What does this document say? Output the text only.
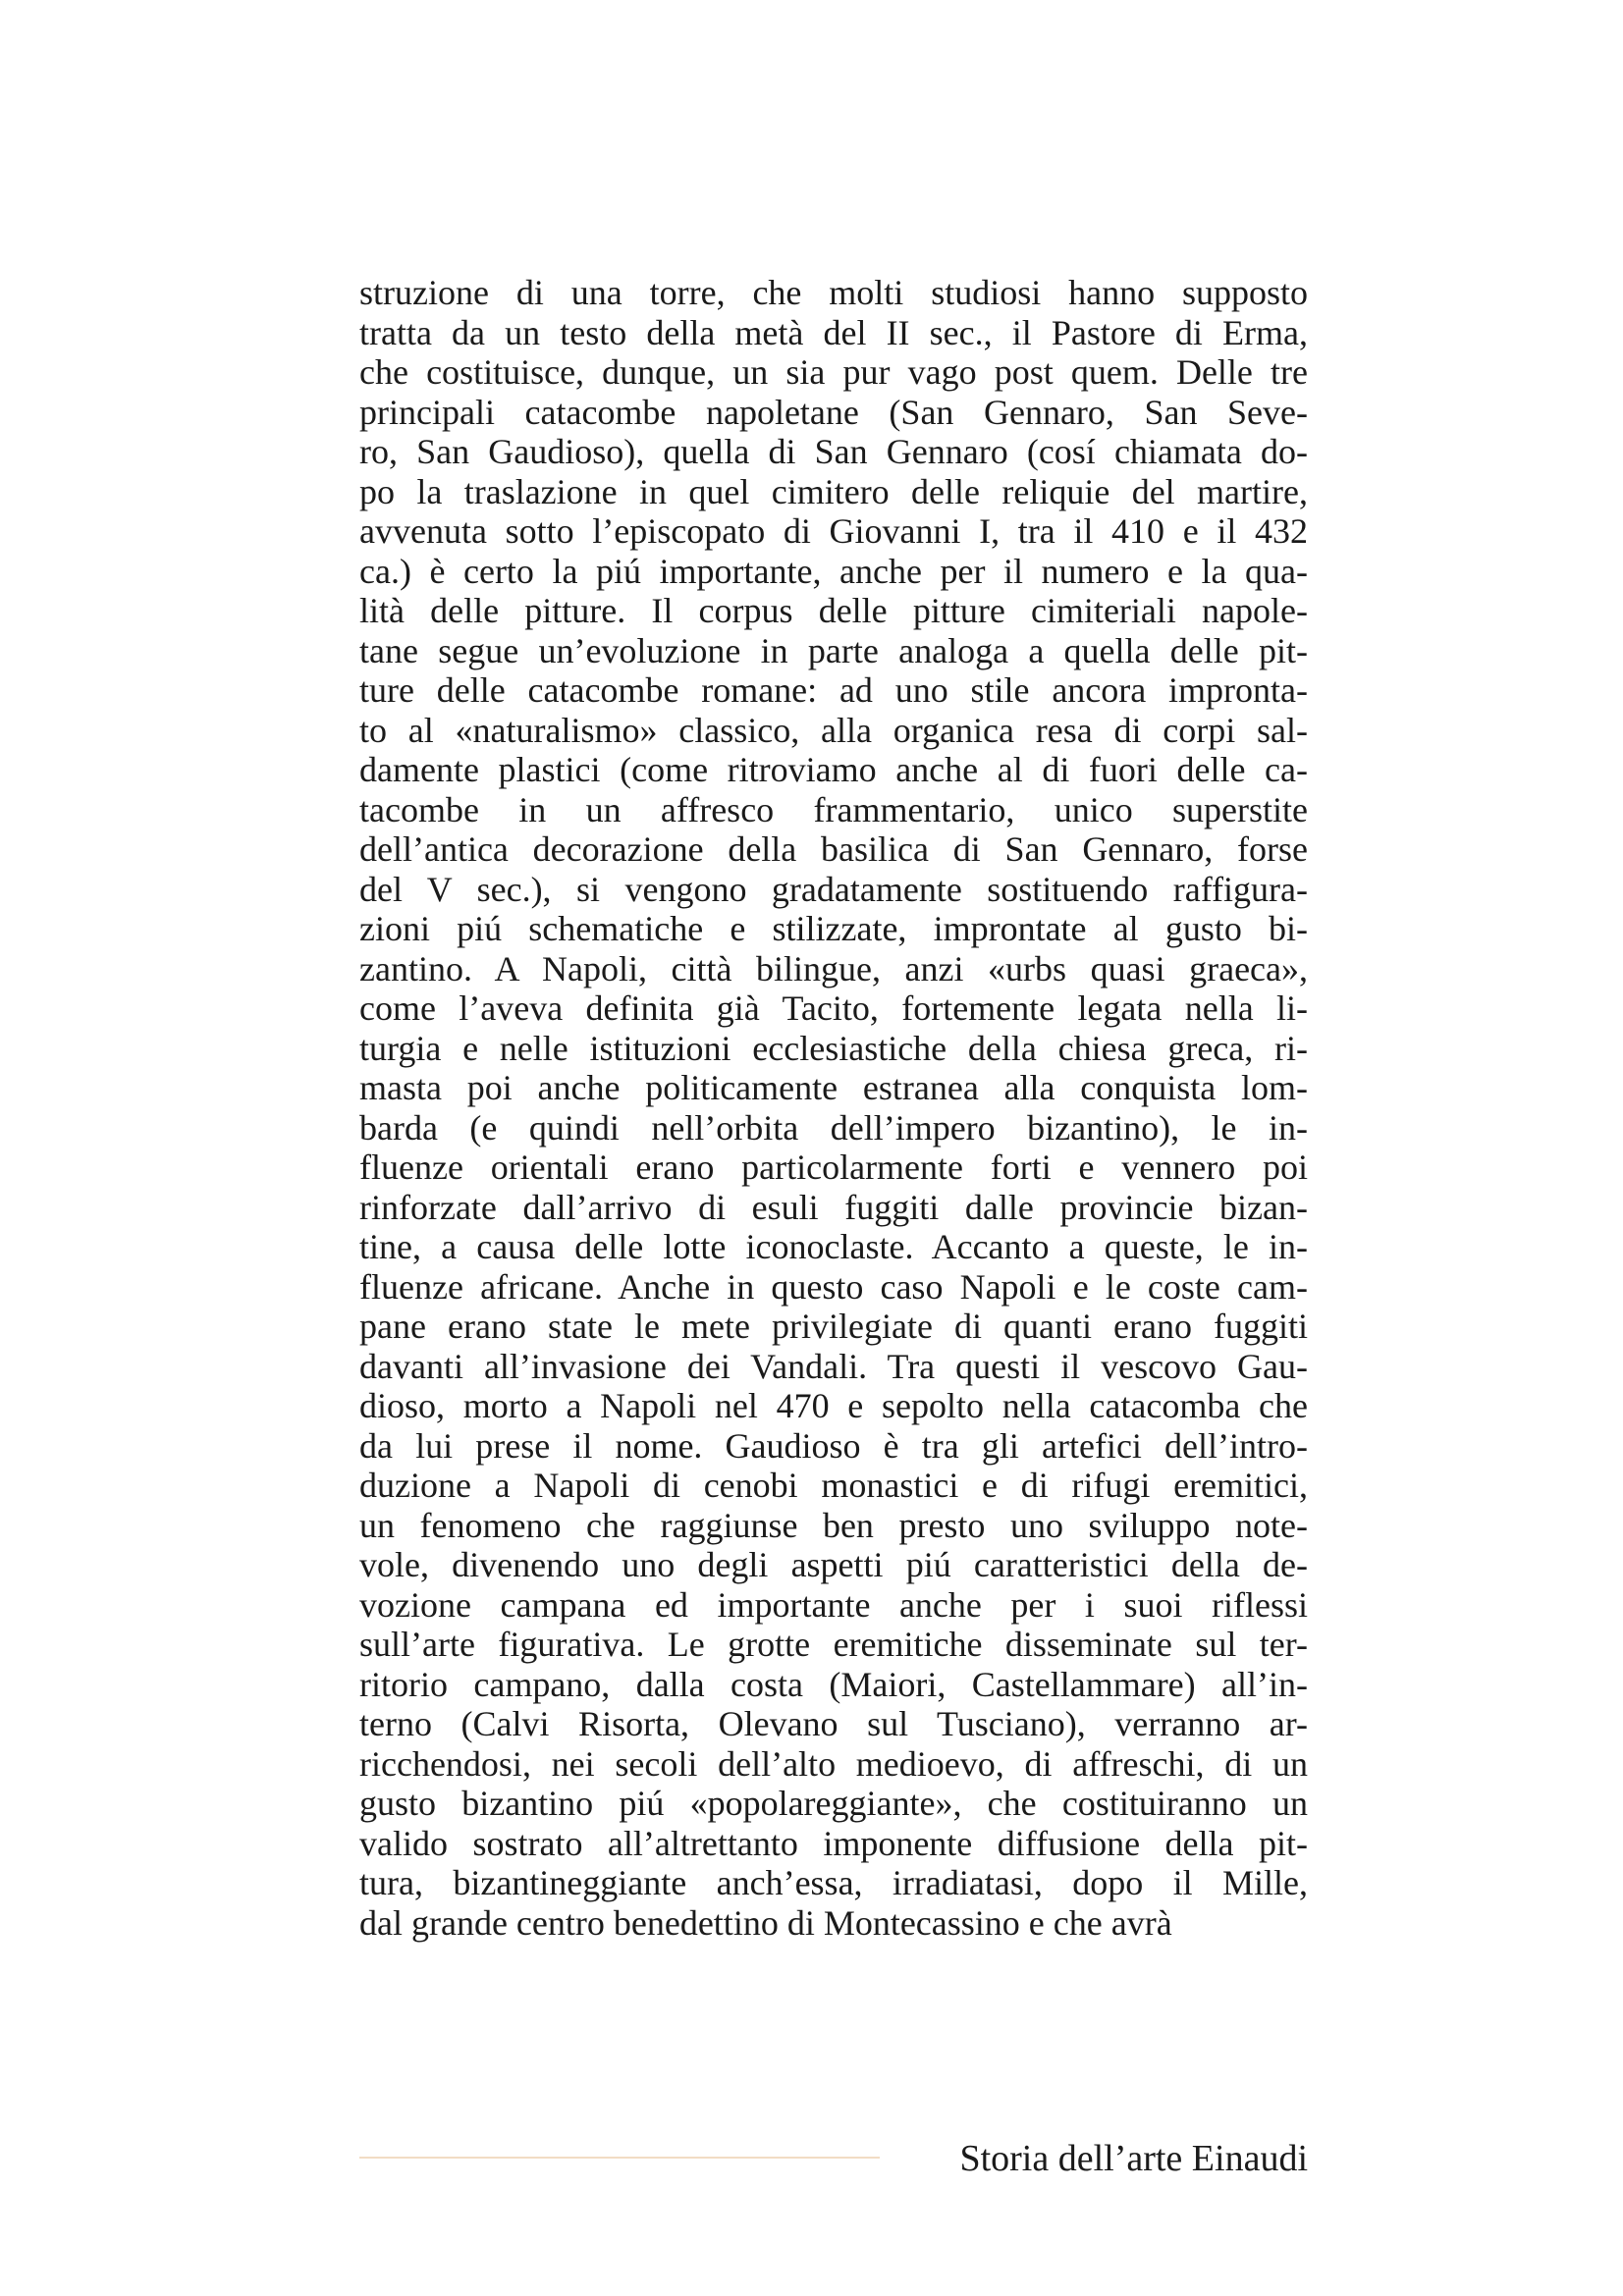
struzione di una torre, che molti studiosi hanno supposto
tratta da un testo della metà del II sec., il Pastore di Erma,
che costituisce, dunque, un sia pur vago post quem. Delle tre
principali catacombe napoletane (San Gennaro, San Seve-
ro, San Gaudioso), quella di San Gennaro (cosí chiamata do-
po la traslazione in quel cimitero delle reliquie del martire,
avvenuta sotto l’episcopato di Giovanni I, tra il 410 e il 432
ca.) è certo la piú importante, anche per il numero e la qua-
lità delle pitture. Il corpus delle pitture cimiteriali napole-
tane segue un’evoluzione in parte analoga a quella delle pit-
ture delle catacombe romane: ad uno stile ancora improntа-
to al «naturalismo» classico, alla organica resa di corpi sal-
damente plastici (come ritroviamo anche al di fuori delle ca-
tacombe in un affresco frammentario, unico superstite
dell’antica decorazione della basilica di San Gennaro, forse
del V sec.), si vengono gradatamente sostituendo raffigura-
zioni piú schematiche e stilizzate, improntate al gusto bi-
zantino. A Napoli, città bilingue, anzi «urbs quasi graeca»,
come l’aveva definita già Tacito, fortemente legata nella li-
turgia e nelle istituzioni ecclesiastiche della chiesa greca, ri-
masta poi anche politicamente estranea alla conquista lom-
barda (e quindi nell’orbita dell’impero bizantino), le in-
fluenze orientali erano particolarmente forti e vennero poi
rinforzate dall’arrivo di esuli fuggiti dalle provincie bizan-
tine, a causa delle lotte iconoclaste. Accanto a queste, le in-
fluenze africane. Anche in questo caso Napoli e le coste cam-
pane erano state le mete privilegiate di quanti erano fuggiti
davanti all’invasione dei Vandali. Tra questi il vescovo Gau-
dioso, morto a Napoli nel 470 e sepolto nella catacomba che
da lui prese il nome. Gaudioso è tra gli artefici dell’intro-
duzione a Napoli di cenobi monastici e di rifugi eremitici,
un fenomeno che raggiunse ben presto uno sviluppo note-
vole, divenendo uno degli aspetti piú caratteristici della de-
vozione campana ed importante anche per i suoi riflessi
sull’arte figurativa. Le grotte eremitiche disseminate sul ter-
ritorio campano, dalla costa (Maiori, Castellammare) all’in-
terno (Calvi Risorta, Olevano sul Tusciano), verranno ar-
ricchendosi, nei secoli dell’alto medioevo, di affreschi, di un
gusto bizantino piú «popolareggiante», che costituiranno un
valido sostrato all’altrettanto imponente diffusione della pit-
tura, bizantineggiante anch’essa, irradiatasi, dopo il Mille,
dal grande centro benedettino di Montecassino e che avrà
Storia dell’arte Einaudi
